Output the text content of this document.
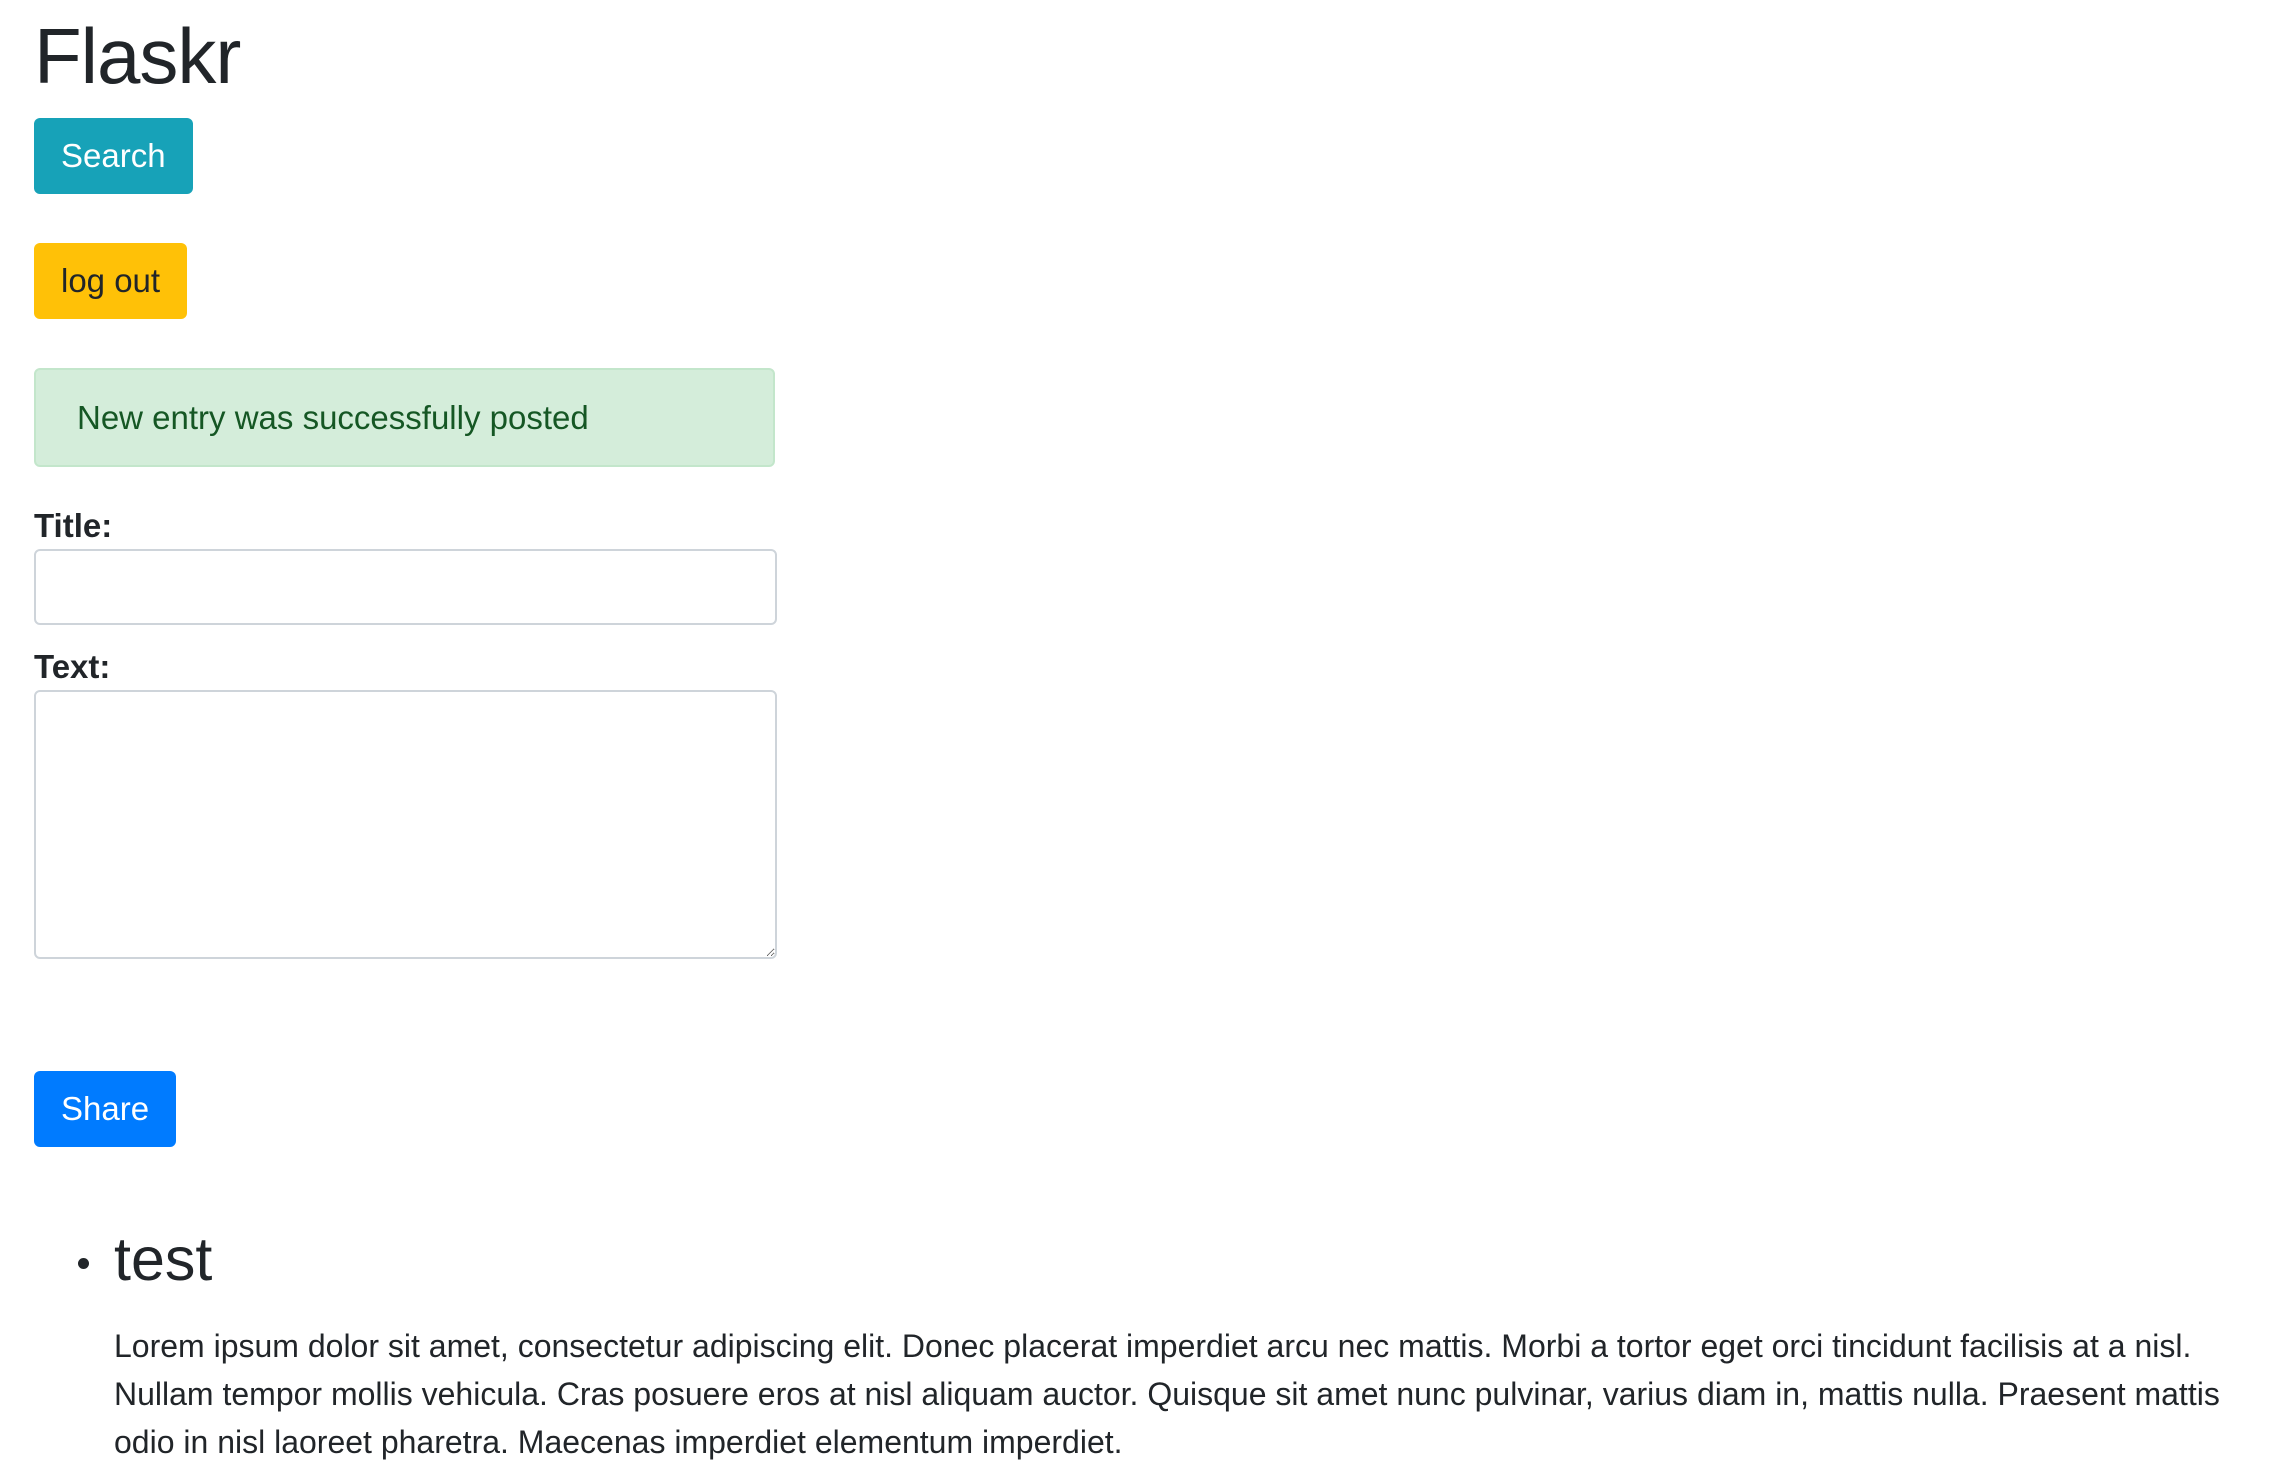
Flaskr
Search
log out
New entry was successfully posted
Title:
Text:
Share
test

Lorem ipsum dolor sit amet, consectetur adipiscing elit. Donec placerat imperdiet arcu nec mattis. Morbi a tortor eget orci tincidunt facilisis at a nisl. Nullam tempor mollis vehicula. Cras posuere eros at nisl aliquam auctor. Quisque sit amet nunc pulvinar, varius diam in, mattis nulla. Praesent mattis odio in nisl laoreet pharetra. Maecenas imperdiet elementum imperdiet.
